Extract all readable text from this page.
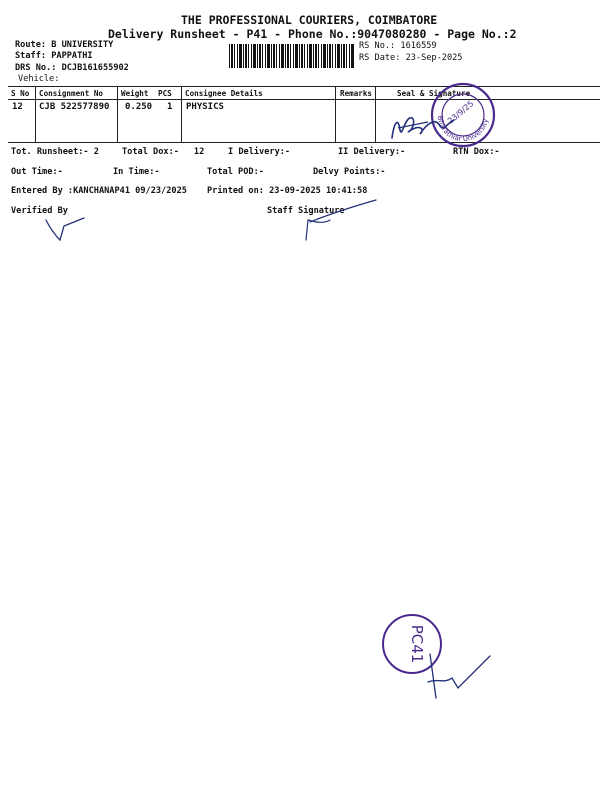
THE PROFESSIONAL COURIERS, COIMBATORE
Delivery Runsheet - P41 - Phone No.:9047080280 - Page No.:2
Route: B UNIVERSITY
Staff: PAPPATHI
DRS No.: DCJB161655902
Vehicle:
RS No.: 1616559
RS Date: 23-Sep-2025
S No Consignment No Weight PCS Consignee Details	Remarks	Seal & Signature
12 CJB 522577890 0.250 1 PHYSICS
Bharathiar University
23/9/25
Tot. Runsheet:- 2	Total Dox:- 12	I Delivery:-	II Delivery:-	RTN Dox:-
Out Time:-	In Time:-	Total POD:-	Delvy Points:-
Entered By :KANCHANAP41 09/23/2025 Printed on: 23-09-2025 10:41:58
Verified By	Staff Signature
PC41
